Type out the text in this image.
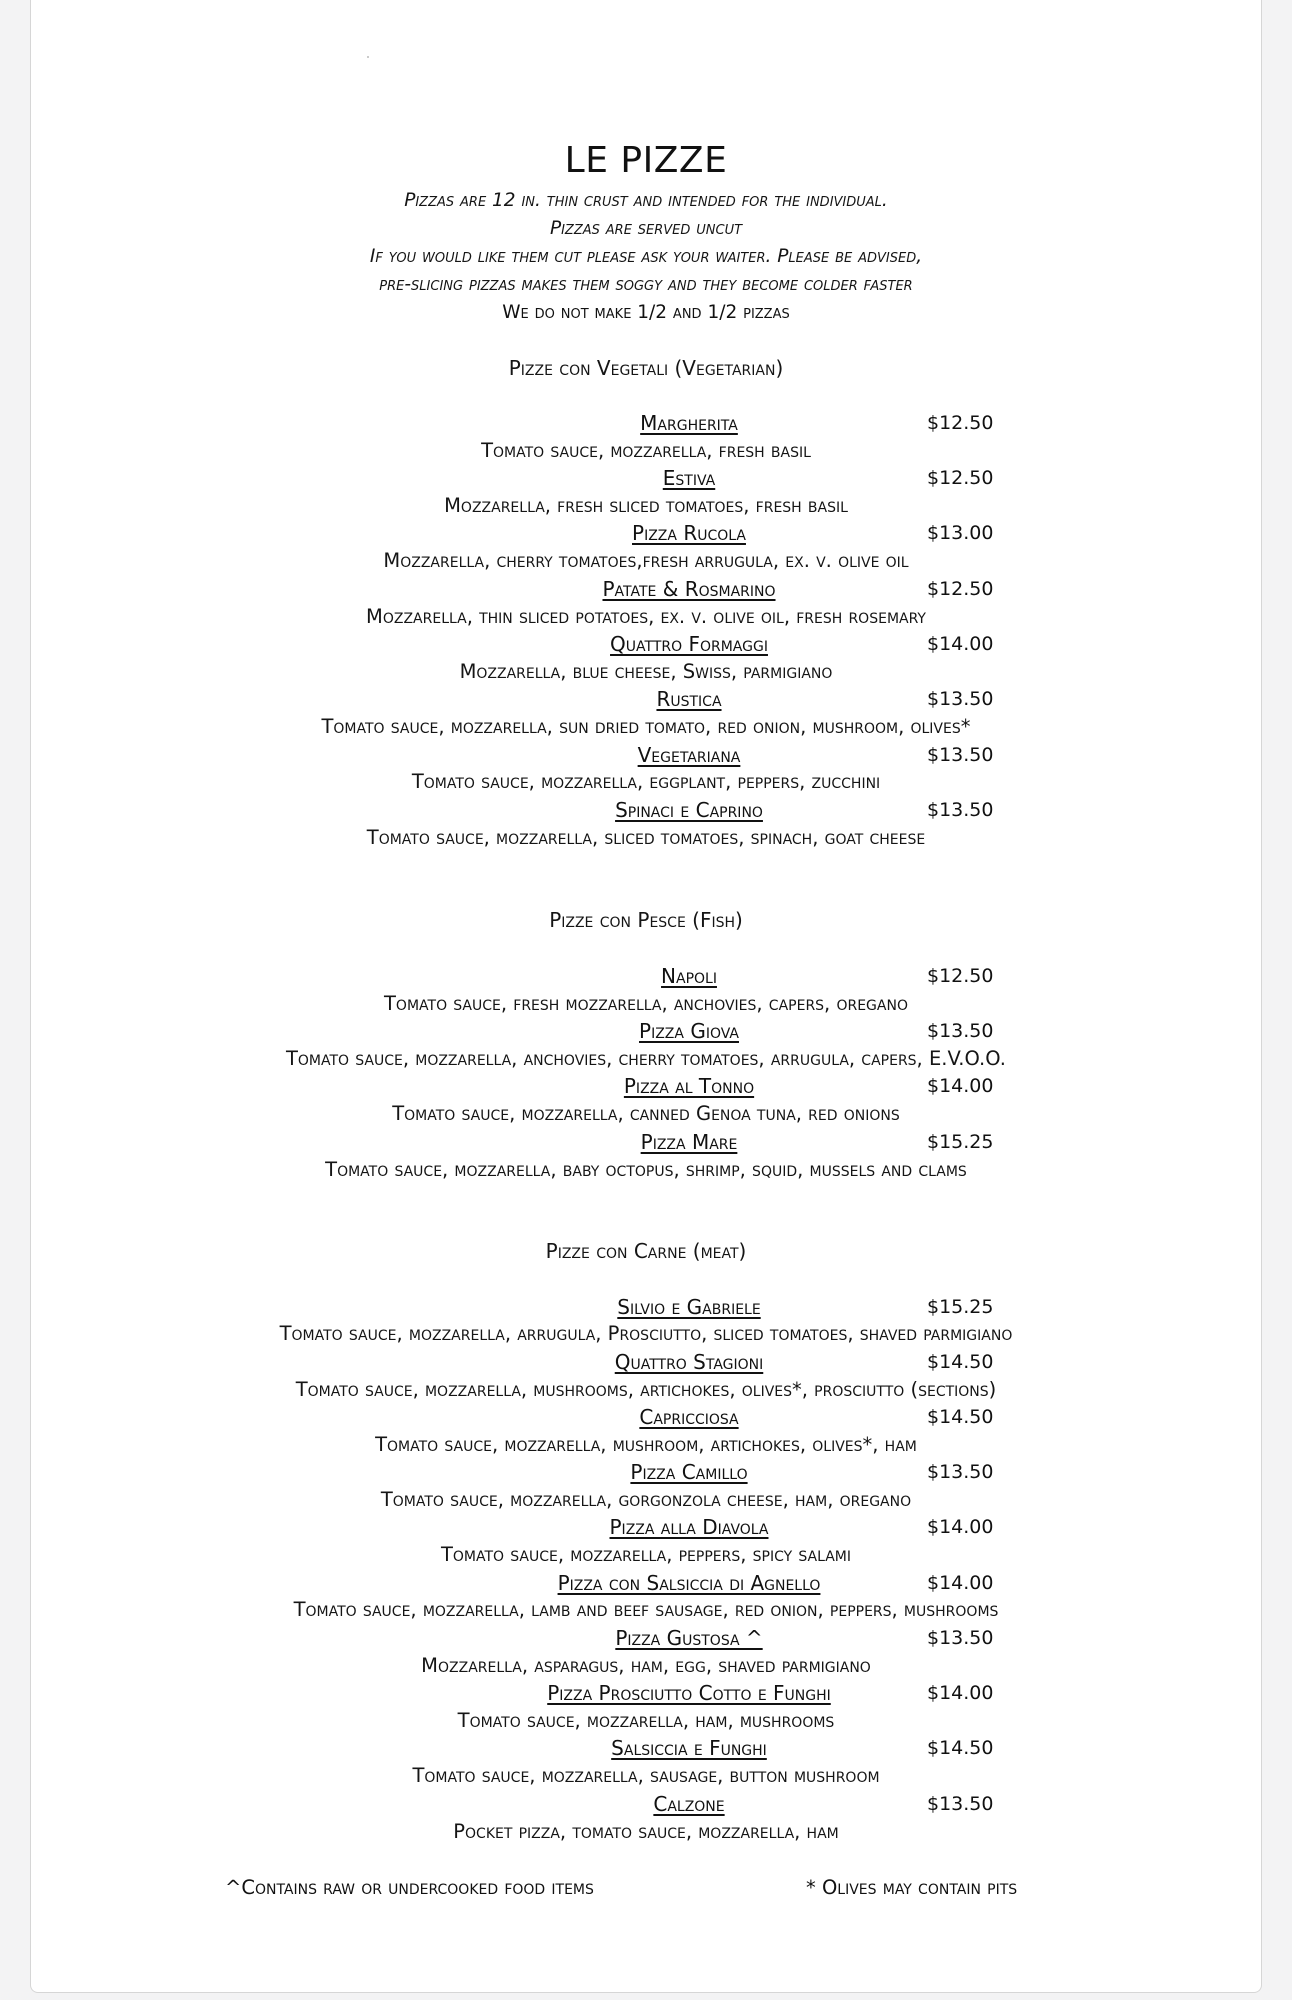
LE PIZZE
Pizzas are 12 in. thin crust and intended for the individual.
Pizzas are served uncut
If you would like them cut please ask your waiter. Please be advised,
pre-slicing pizzas makes them soggy and they become colder faster
We do not make 1/2 and 1/2 pizzas
Pizze con Vegetali (Vegetarian)
Margherita	$12.50
Tomato sauce, mozzarella, fresh basil
Estiva	$12.50
Mozzarella, fresh sliced tomatoes, fresh basil
Pizza Rucola	$13.00
Mozzarella, cherry tomatoes,fresh arrugula, ex. v. olive oil
Patate & Rosmarino	$12.50
Mozzarella, thin sliced potatoes, ex. v. olive oil, fresh rosemary
Quattro Formaggi	$14.00
Mozzarella, blue cheese, Swiss, parmigiano
Rustica	$13.50
Tomato sauce, mozzarella, sun dried tomato, red onion, mushroom, olives*
Vegetariana	$13.50
Tomato sauce, mozzarella, eggplant, peppers, zucchini
Spinaci e Caprino	$13.50
Tomato sauce, mozzarella, sliced tomatoes, spinach, goat cheese
Pizze con Pesce (Fish)
Napoli	$12.50
Tomato sauce, fresh mozzarella, anchovies, capers, oregano
Pizza Giova	$13.50
Tomato sauce, mozzarella, anchovies, cherry tomatoes, arrugula, capers, E.V.O.O.
Pizza al Tonno	$14.00
Tomato sauce, mozzarella, canned Genoa tuna, red onions
Pizza Mare	$15.25
Tomato sauce, mozzarella, baby octopus, shrimp, squid, mussels and clams
Pizze con Carne (meat)
Silvio e Gabriele	$15.25
Tomato sauce, mozzarella, arrugula, Prosciutto, sliced tomatoes, shaved parmigiano
Quattro Stagioni	$14.50
Tomato sauce, mozzarella, mushrooms, artichokes, olives*, prosciutto (sections)
Capricciosa	$14.50
Tomato sauce, mozzarella, mushroom, artichokes, olives*, ham
Pizza Camillo	$13.50
Tomato sauce, mozzarella, gorgonzola cheese, ham, oregano
Pizza alla Diavola	$14.00
Tomato sauce, mozzarella, peppers, spicy salami
Pizza con Salsiccia di Agnello	$14.00
Tomato sauce, mozzarella, lamb and beef sausage, red onion, peppers, mushrooms
Pizza Gustosa ^	$13.50
Mozzarella, asparagus, ham, egg, shaved parmigiano
Pizza Prosciutto Cotto e Funghi	$14.00
Tomato sauce, mozzarella, ham, mushrooms
Salsiccia e Funghi	$14.50
Tomato sauce, mozzarella, sausage, button mushroom
Calzone	$13.50
Pocket pizza, tomato sauce, mozzarella, ham
^Contains raw or undercooked food items	* Olives may contain pits
